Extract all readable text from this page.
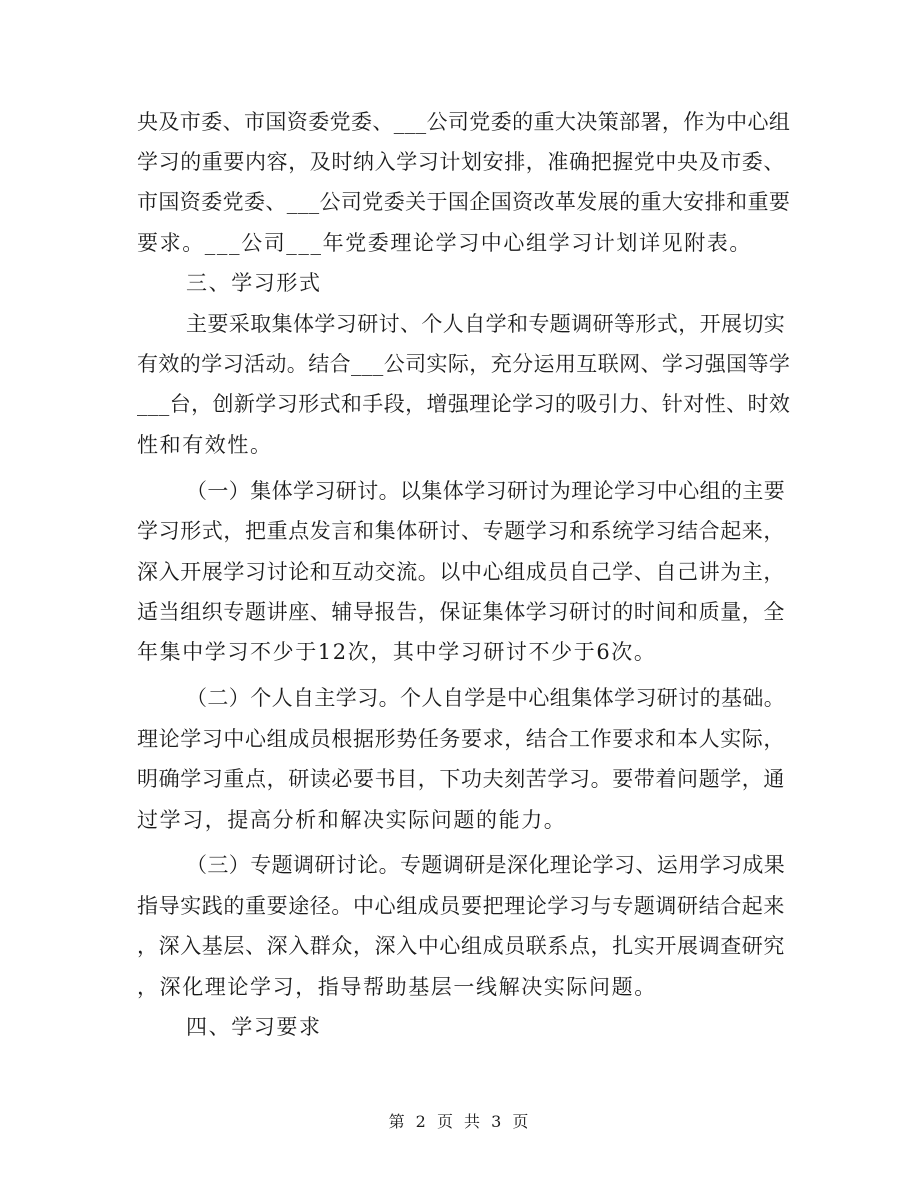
央及市委、市国资委党委、___公司党委的重大决策部署，作为中心组
学习的重要内容，及时纳入学习计划安排，准确把握党中央及市委、
市国资委党委、___公司党委关于国企国资改革发展的重大安排和重要
要求。___公司___年党委理论学习中心组学习计划详见附表。
三、学习形式
主要采取集体学习研讨、个人自学和专题调研等形式，开展切实
有效的学习活动。结合___公司实际，充分运用互联网、学习强国等学
___台，创新学习形式和手段，增强理论学习的吸引力、针对性、时效
性和有效性。
（一）集体学习研讨。以集体学习研讨为理论学习中心组的主要
学习形式，把重点发言和集体研讨、专题学习和系统学习结合起来，
深入开展学习讨论和互动交流。以中心组成员自己学、自己讲为主，
适当组织专题讲座、辅导报告，保证集体学习研讨的时间和质量，全
年集中学习不少于12次，其中学习研讨不少于6次。
（二）个人自主学习。个人自学是中心组集体学习研讨的基础。
理论学习中心组成员根据形势任务要求，结合工作要求和本人实际，
明确学习重点，研读必要书目，下功夫刻苦学习。要带着问题学，通
过学习，提高分析和解决实际问题的能力。
（三）专题调研讨论。专题调研是深化理论学习、运用学习成果
指导实践的重要途径。中心组成员要把理论学习与专题调研结合起来
，深入基层、深入群众，深入中心组成员联系点，扎实开展调查研究
，深化理论学习，指导帮助基层一线解决实际问题。
四、学习要求
第 2 页 共 3 页
